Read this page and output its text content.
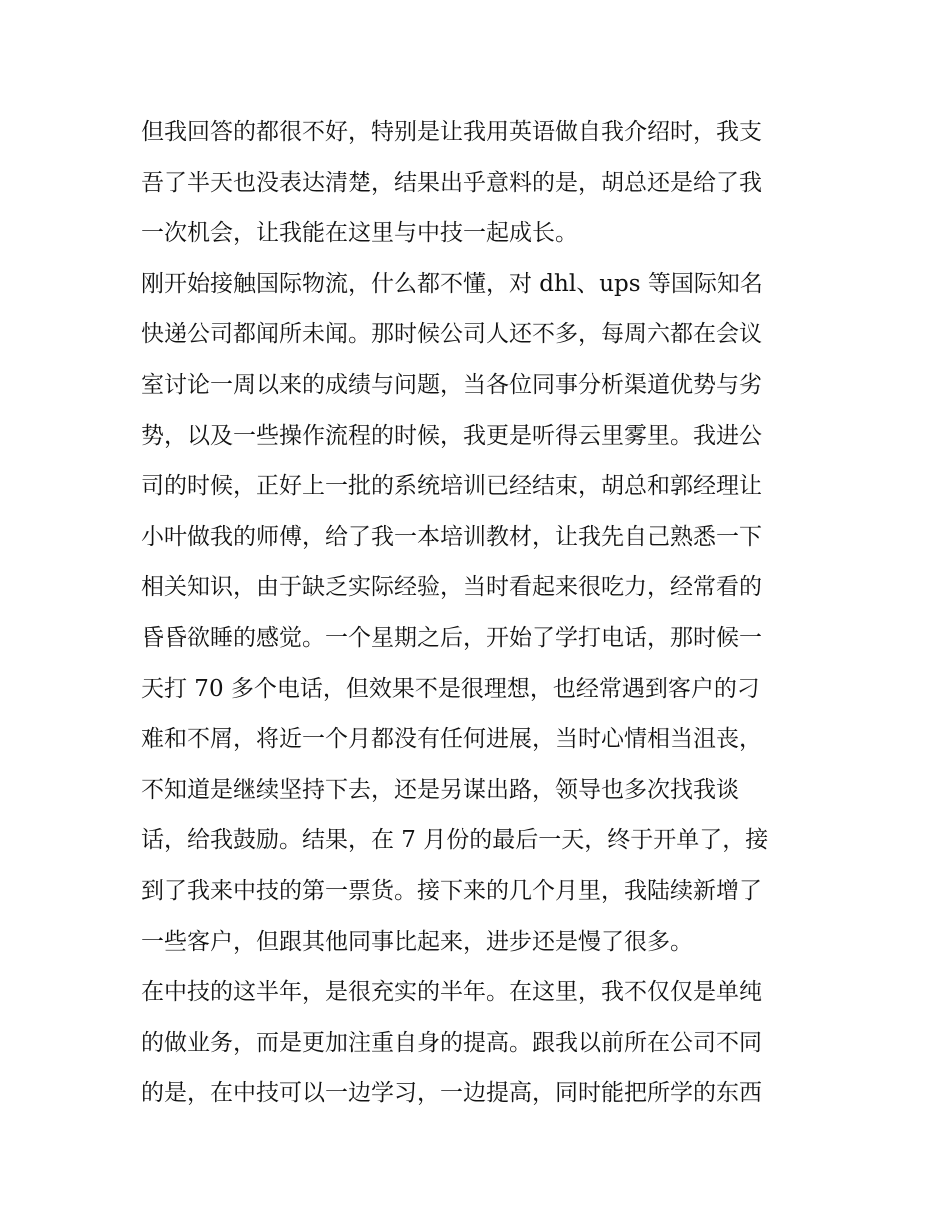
但我回答的都很不好，特别是让我用英语做自我介绍时，我支
吾了半天也没表达清楚，结果出乎意料的是，胡总还是给了我
一次机会，让我能在这里与中技一起成长。
刚开始接触国际物流，什么都不懂，对 dhl、ups 等国际知名
快递公司都闻所未闻。那时候公司人还不多，每周六都在会议
室讨论一周以来的成绩与问题，当各位同事分析渠道优势与劣
势，以及一些操作流程的时候，我更是听得云里雾里。我进公
司的时候，正好上一批的系统培训已经结束，胡总和郭经理让
小叶做我的师傅，给了我一本培训教材，让我先自己熟悉一下
相关知识，由于缺乏实际经验，当时看起来很吃力，经常看的
昏昏欲睡的感觉。一个星期之后，开始了学打电话，那时候一
天打 70 多个电话，但效果不是很理想，也经常遇到客户的刁
难和不屑，将近一个月都没有任何进展，当时心情相当沮丧，
不知道是继续坚持下去，还是另谋出路，领导也多次找我谈
话，给我鼓励。结果，在 7 月份的最后一天，终于开单了，接
到了我来中技的第一票货。接下来的几个月里，我陆续新增了
一些客户，但跟其他同事比起来，进步还是慢了很多。
在中技的这半年，是很充实的半年。在这里，我不仅仅是单纯
的做业务，而是更加注重自身的提高。跟我以前所在公司不同
的是，在中技可以一边学习，一边提高，同时能把所学的东西
